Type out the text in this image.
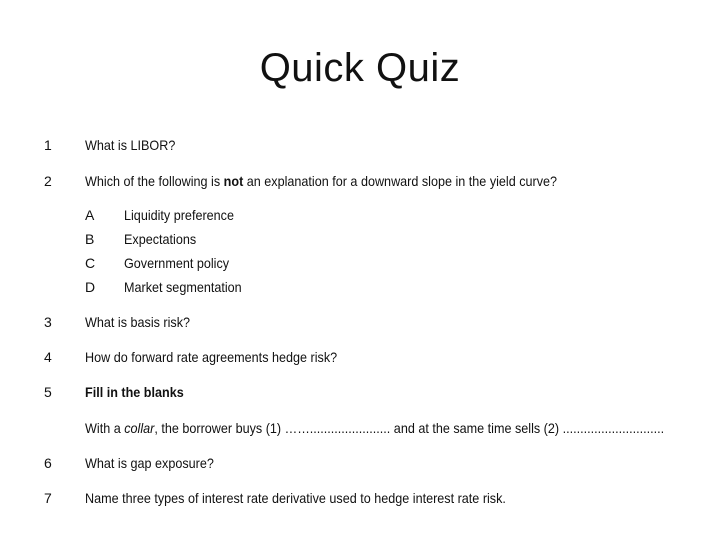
Quick Quiz
1 What is LIBOR?
2 Which of the following is not an explanation for a downward slope in the yield curve?
A Liquidity preference
B Expectations
C Government policy
D Market segmentation
3 What is basis risk?
4 How do forward rate agreements hedge risk?
5 Fill in the blanks
With a collar, the borrower buys (1) ……....................... and at the same time sells (2) .............................
6 What is gap exposure?
7 Name three types of interest rate derivative used to hedge interest rate risk.
